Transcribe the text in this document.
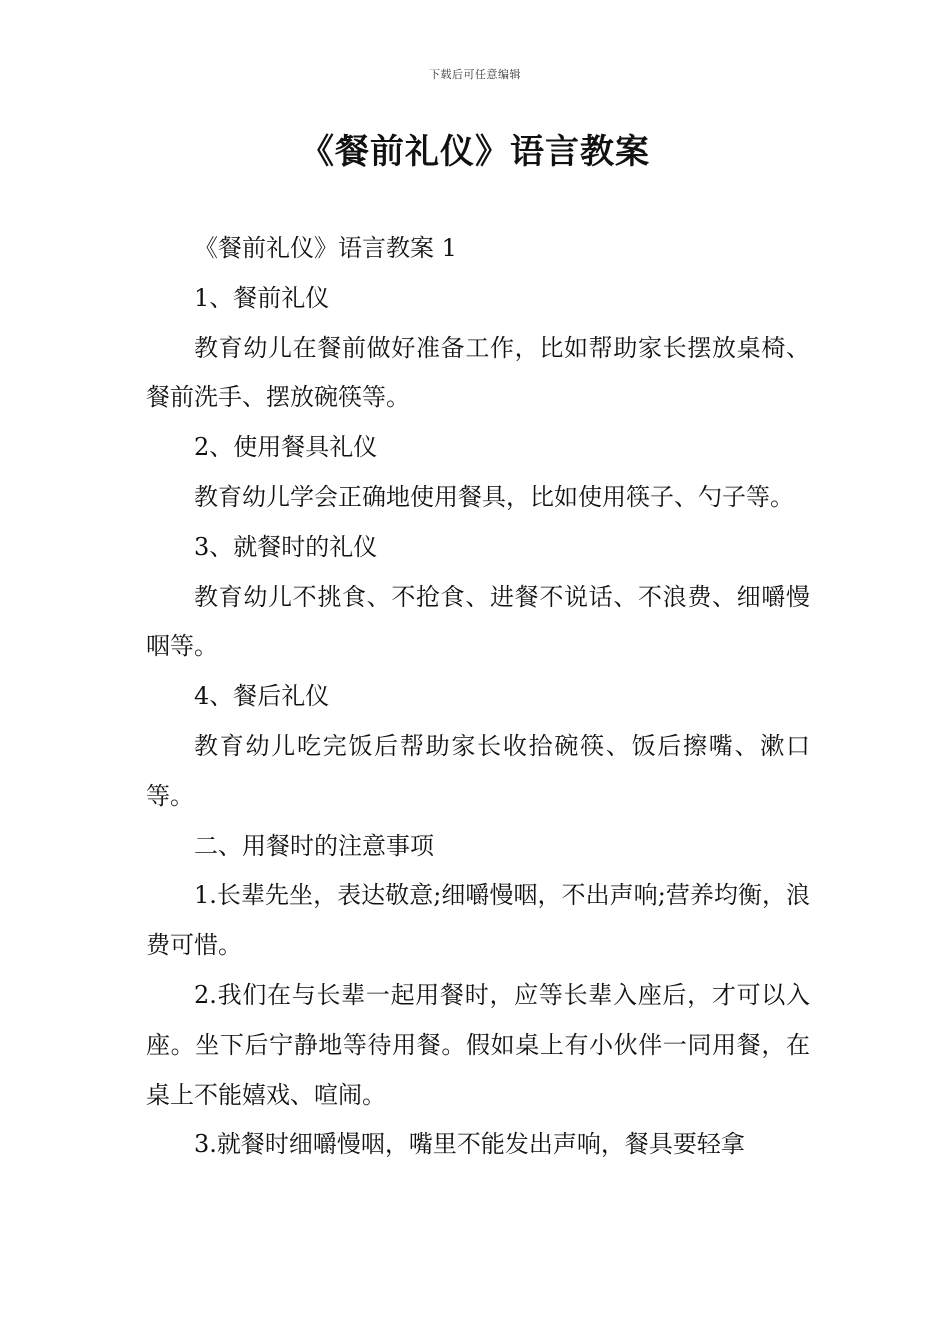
下载后可任意编辑
《餐前礼仪》语言教案

《餐前礼仪》语言教案 1

1、餐前礼仪

教育幼儿在餐前做好准备工作，比如帮助家长摆放桌椅、餐前洗手、摆放碗筷等。

2、使用餐具礼仪

教育幼儿学会正确地使用餐具，比如使用筷子、勺子等。

3、就餐时的礼仪

教育幼儿不挑食、不抢食、进餐不说话、不浪费、细嚼慢咽等。

4、餐后礼仪

教育幼儿吃完饭后帮助家长收拾碗筷、饭后擦嘴、漱口等。

二、用餐时的注意事项

1.长辈先坐，表达敬意;细嚼慢咽，不出声响;营养均衡，浪费可惜。

2.我们在与长辈一起用餐时，应等长辈入座后，才可以入座。坐下后宁静地等待用餐。假如桌上有小伙伴一同用餐，在桌上不能嬉戏、喧闹。

3.就餐时细嚼慢咽，嘴里不能发出声响，餐具要轻拿
